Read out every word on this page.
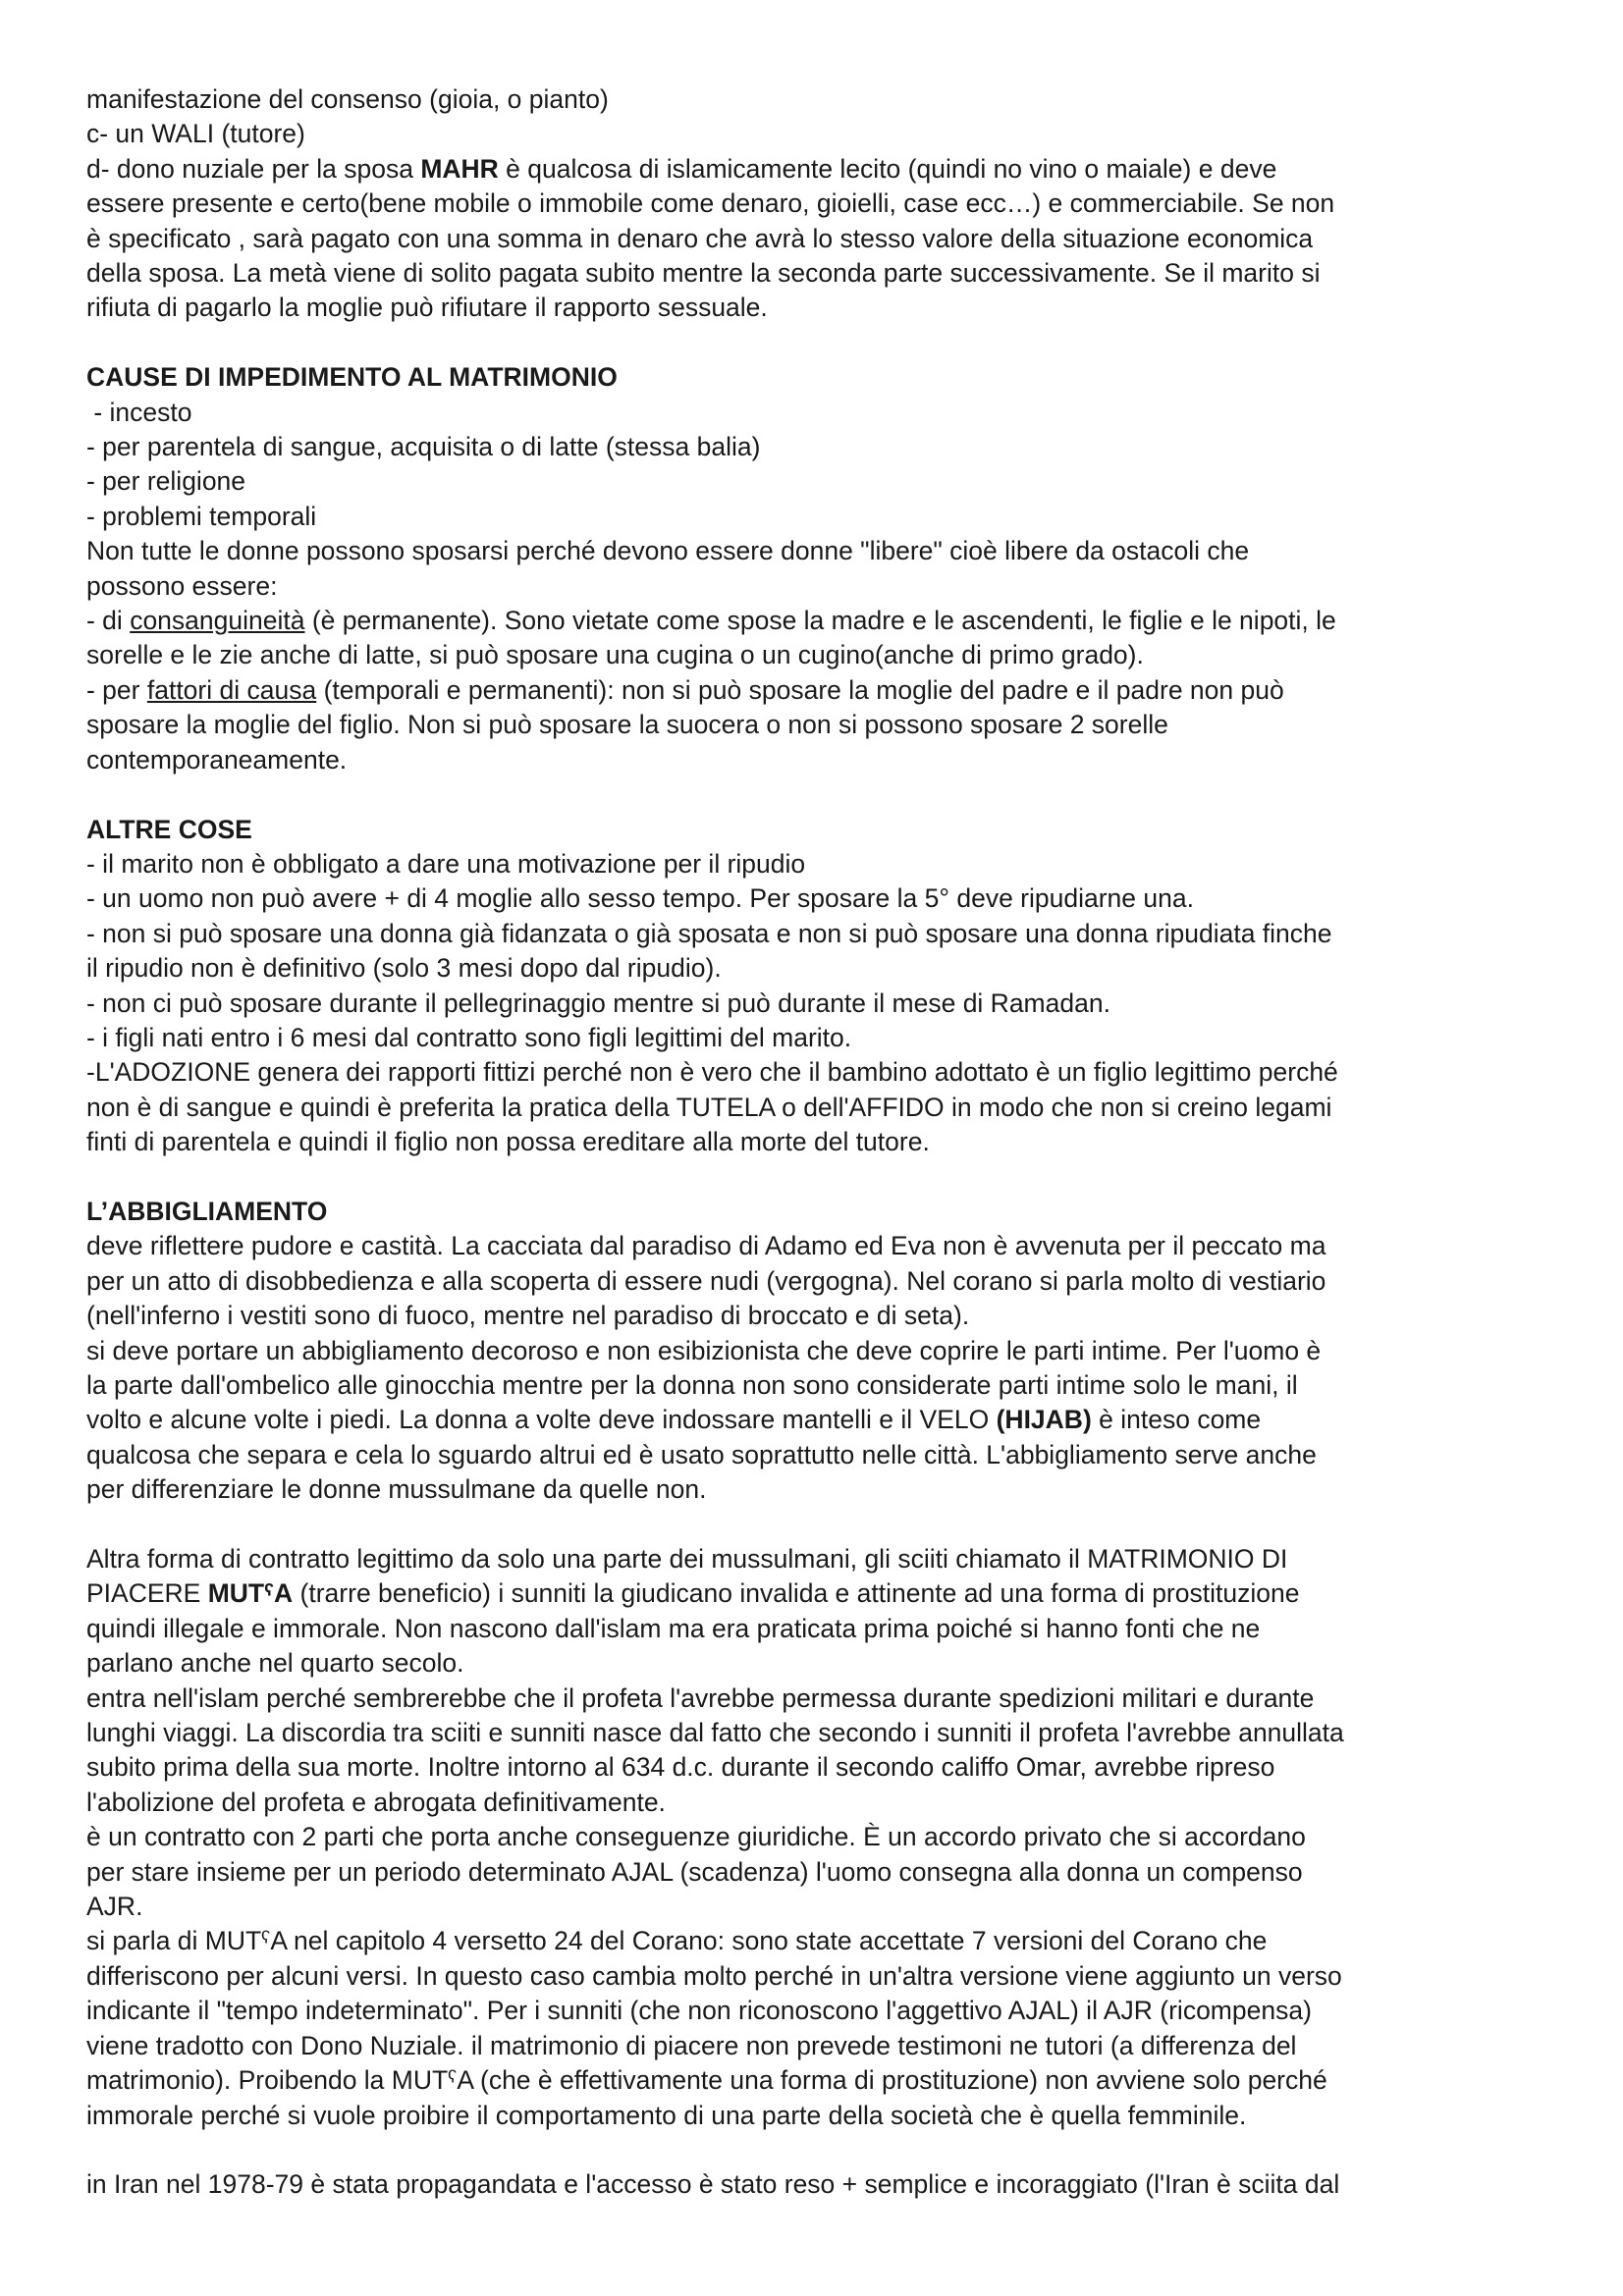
manifestazione del consenso (gioia, o pianto)

c- un WALI (tutore)

d- dono nuziale per la sposa MAHR è qualcosa di islamicamente lecito (quindi no vino o maiale) e deve

essere presente e certo(bene mobile o immobile come denaro, gioielli, case ecc…) e commerciabile. Se non

è specificato , sarà pagato con una somma in denaro che avrà lo stesso valore della situazione economica

della sposa. La metà viene di solito pagata subito mentre la seconda parte successivamente. Se il marito si

rifiuta di pagarlo la moglie può rifiutare il rapporto sessuale.

CAUSE DI IMPEDIMENTO AL MATRIMONIO

- incesto

- per parentela di sangue, acquisita o di latte (stessa balia)

- per religione

- problemi temporali

Non tutte le donne possono sposarsi perché devono essere donne "libere" cioè libere da ostacoli che

possono essere:

- di consanguineità (è permanente). Sono vietate come spose la madre e le ascendenti, le figlie e le nipoti, le

sorelle e le zie anche di latte, si può sposare una cugina o un cugino(anche di primo grado).

- per fattori di causa (temporali e permanenti): non si può sposare la moglie del padre e il padre non può

sposare la moglie del figlio. Non si può sposare la suocera o non si possono sposare 2 sorelle

contemporaneamente.

ALTRE COSE

- il marito non è obbligato a dare una motivazione per il ripudio

- un uomo non può avere + di 4 moglie allo sesso tempo. Per sposare la 5° deve ripudiarne una.

- non si può sposare una donna già fidanzata o già sposata e non si può sposare una donna ripudiata finche

il ripudio non è definitivo (solo 3 mesi dopo dal ripudio).

- non ci può sposare durante il pellegrinaggio mentre si può durante il mese di Ramadan.

- i figli nati entro i 6 mesi dal contratto sono figli legittimi del marito.

-L'ADOZIONE genera dei rapporti fittizi perché non è vero che il bambino adottato è un figlio legittimo perché

non è di sangue e quindi è preferita la pratica della TUTELA o dell'AFFIDO in modo che non si creino legami

finti di parentela e quindi il figlio non possa ereditare alla morte del tutore.

L’ABBIGLIAMENTO

deve riflettere pudore e castità. La cacciata dal paradiso di Adamo ed Eva non è avvenuta per il peccato ma

per un atto di disobbedienza e alla scoperta di essere nudi (vergogna). Nel corano si parla molto di vestiario

(nell'inferno i vestiti sono di fuoco, mentre nel paradiso di broccato e di seta).

si deve portare un abbigliamento decoroso e non esibizionista che deve coprire le parti intime. Per l'uomo è

la parte dall'ombelico alle ginocchia mentre per la donna non sono considerate parti intime solo le mani, il

volto e alcune volte i piedi. La donna a volte deve indossare mantelli e il VELO (HIJAB) è inteso come

qualcosa che separa e cela lo sguardo altrui ed è usato soprattutto nelle città. L'abbigliamento serve anche

per differenziare le donne mussulmane da quelle non.

Altra forma di contratto legittimo da solo una parte dei mussulmani, gli sciiti chiamato il MATRIMONIO DI

PIACERE MUTˁA (trarre beneficio) i sunniti la giudicano invalida e attinente ad una forma di prostituzione

quindi illegale e immorale. Non nascono dall'islam ma era praticata prima poiché si hanno fonti che ne

parlano anche nel quarto secolo.

entra nell'islam perché sembrerebbe che il profeta l'avrebbe permessa durante spedizioni militari e durante

lunghi viaggi. La discordia tra sciiti e sunniti nasce dal fatto che secondo i sunniti il profeta l'avrebbe annullata

subito prima della sua morte. Inoltre intorno al 634 d.c. durante il secondo califfo Omar, avrebbe ripreso

l'abolizione del profeta e abrogata definitivamente.

è un contratto con 2 parti che porta anche conseguenze giuridiche. È un accordo privato che si accordano

per stare insieme per un periodo determinato AJAL (scadenza) l'uomo consegna alla donna un compenso

AJR.

si parla di MUTˁA nel capitolo 4 versetto 24 del Corano: sono state accettate 7 versioni del Corano che

differiscono per alcuni versi. In questo caso cambia molto perché in un'altra versione viene aggiunto un verso

indicante il "tempo indeterminato". Per i sunniti (che non riconoscono l'aggettivo AJAL) il AJR (ricompensa)

viene tradotto con Dono Nuziale. il matrimonio di piacere non prevede testimoni ne tutori (a differenza del

matrimonio). Proibendo la MUTˁA (che è effettivamente una forma di prostituzione) non avviene solo perché

immorale perché si vuole proibire il comportamento di una parte della società che è quella femminile.

in Iran nel 1978-79 è stata propagandata e l'accesso è stato reso + semplice e incoraggiato (l'Iran è sciita dal
